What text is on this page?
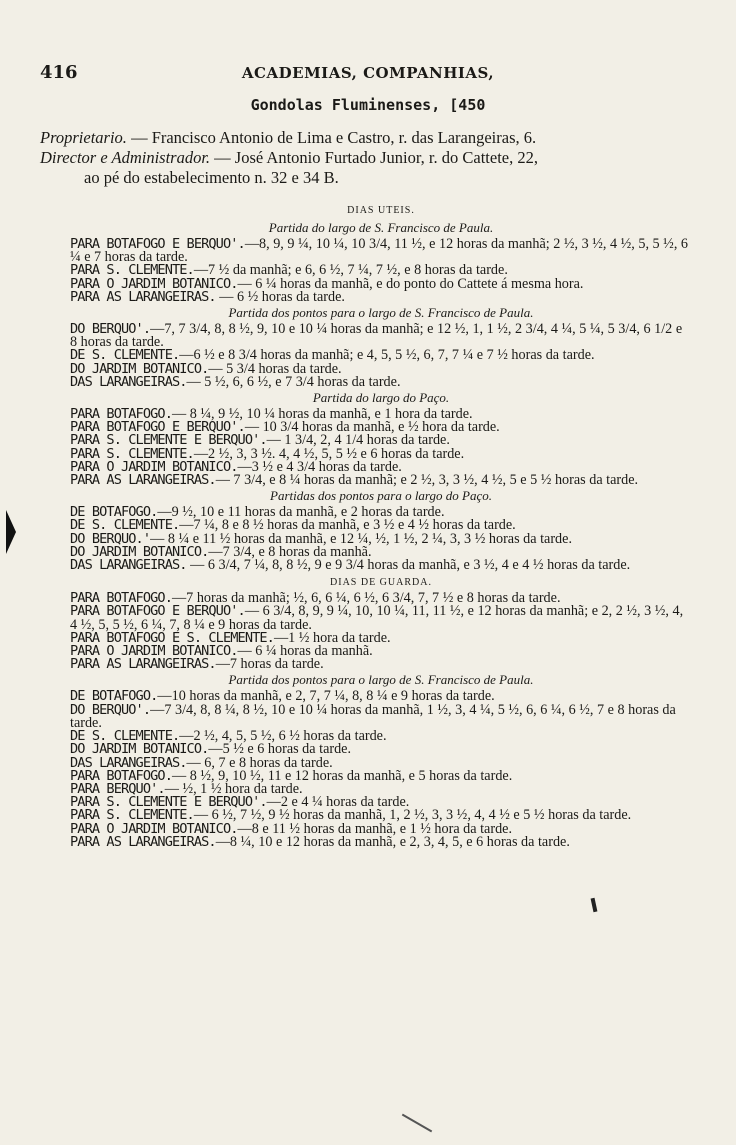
416	ACADEMIAS, COMPANHIAS,
Gondolas Fluminenses, [450
Proprietario. — Francisco Antonio de Lima e Castro, r. das Larangeiras, 6.
Director e Administrador. — José Antonio Furtado Junior, r. do Cattete, 22,
ao pé do estabelecimento n. 32 e 34 B.
DIAS UTEIS.
Partida do largo de S. Francisco de Paula.
PARA BOTAFOGO E BERQUO'.—8, 9, 9 ¼, 10 ¼, 10 3/4, 11 ½, e 12 horas da manhã; 2 ½, 3 ½, 4 ½, 5, 5 ½, 6 ¼ e 7 horas da tarde.
PARA S. CLEMENTE.—7 ½ da manhã; e 6, 6 ½, 7 ¼, 7 ½, e 8 horas da tarde.
PARA O JARDIM BOTANICO.— 6 ¼ horas da manhã, e do ponto do Cattete á mesma hora.
PARA AS LARANGEIRAS. — 6 ½ horas da tarde.
Partida dos pontos para o largo de S. Francisco de Paula.
DO BERQUO'.—7, 7 3/4, 8, 8 ½, 9, 10 e 10 ¼ horas da manhã; e 12 ½, 1, 1 ½, 2 3/4, 4 ¼, 5 ¼, 5 3/4, 6 1/2 e 8 horas da tarde.
DE S. CLEMENTE.—6 ½ e 8 3/4 horas da manhã; e 4, 5, 5 ½, 6, 7, 7 ¼ e 7 ½ horas da tarde.
DO JARDIM BOTANICO.— 5 3/4 horas da tarde.
DAS LARANGEIRAS.— 5 ½, 6, 6 ½, e 7 3/4 horas da tarde.
Partida do largo do Paço.
PARA BOTAFOGO.— 8 ¼, 9 ½, 10 ¼ horas da manhã, e 1 hora da tarde.
PARA BOTAFOGO E BERQUO'.— 10 3/4 horas da manhã, e ½ hora da tarde.
PARA S. CLEMENTE E BERQUO'.— 1 3/4, 2, 4 1/4 horas da tarde.
PARA S. CLEMENTE.—2 ½, 3, 3 ½. 4, 4 ½, 5, 5 ½ e 6 horas da tarde.
PARA O JARDIM BOTANICO.—3 ½ e 4 3/4 horas da tarde.
PARA AS LARANGEIRAS.— 7 3/4, e 8 ¼ horas da manhã; e 2 ½, 3, 3 ½, 4 ½, 5 e 5 ½ horas da tarde.
Partidas dos pontos para o largo do Paço.
DE BOTAFOGO.—9 ½, 10 e 11 horas da manhã, e 2 horas da tarde.
DE S. CLEMENTE.—7 ¼, 8 e 8 ½ horas da manhã, e 3 ½ e 4 ½ horas da tarde.
DO BERQUO.'— 8 ¼ e 11 ½ horas da manhã, e 12 ¼, ½, 1 ½, 2 ¼, 3, 3 ½ horas da tarde.
DO JARDIM BOTANICO.—7 3/4, e 8 horas da manhã.
DAS LARANGEIRAS. — 6 3/4, 7 ¼, 8, 8 ½, 9 e 9 3/4 horas da manhã, e 3 ½, 4 e 4 ½ horas da tarde.
DIAS DE GUARDA.
PARA BOTAFOGO.—7 horas da manhã; ½, 6, 6 ¼, 6 ½, 6 3/4, 7, 7 ½ e 8 horas da tarde.
PARA BOTAFOGO E BERQUO'.— 6 3/4, 8, 9, 9 ¼, 10, 10 ¼, 11, 11 ½, e 12 horas da manhã; e 2, 2 ½, 3 ½, 4, 4 ½, 5, 5 ½, 6 ¼, 7, 8 ¼ e 9 horas da tarde.
PARA BOTAFOGO E S. CLEMENTE.—1 ½ hora da tarde.
PARA O JARDIM BOTANICO.— 6 ¼ horas da manhã.
PARA AS LARANGEIRAS.—7 horas da tarde.
Partida dos pontos para o largo de S. Francisco de Paula.
DE BOTAFOGO.—10 horas da manhã, e 2, 7, 7 ¼, 8, 8 ¼ e 9 horas da tarde.
DO BERQUO'.—7 3/4, 8, 8 ¼, 8 ½, 10 e 10 ¼ horas da manhã, 1 ½, 3, 4 ¼, 5 ½, 6, 6 ¼, 6 ½, 7 e 8 horas da tarde.
DE S. CLEMENTE.—2 ½, 4, 5, 5 ½, 6 ½ horas da tarde.
DO JARDIM BOTANICO.—5 ½ e 6 horas da tarde.
DAS LARANGEIRAS.— 6, 7 e 8 horas da tarde.
PARA BOTAFOGO.— 8 ½, 9, 10 ½, 11 e 12 horas da manhã, e 5 horas da tarde.
PARA BERQUO'.— ½, 1 ½ hora da tarde.
PARA S. CLEMENTE E BERQUO'.—2 e 4 ¼ horas da tarde.
PARA S. CLEMENTE.— 6 ½, 7 ½, 9 ½ horas da manhã, 1, 2 ½, 3, 3 ½, 4, 4 ½ e 5 ½ horas da tarde.
PARA O JARDIM BOTANICO.—8 e 11 ½ horas da manhã, e 1 ½ hora da tarde.
PARA AS LARANGEIRAS.—8 ¼, 10 e 12 horas da manhã, e 2, 3, 4, 5, e 6 horas da tarde.
